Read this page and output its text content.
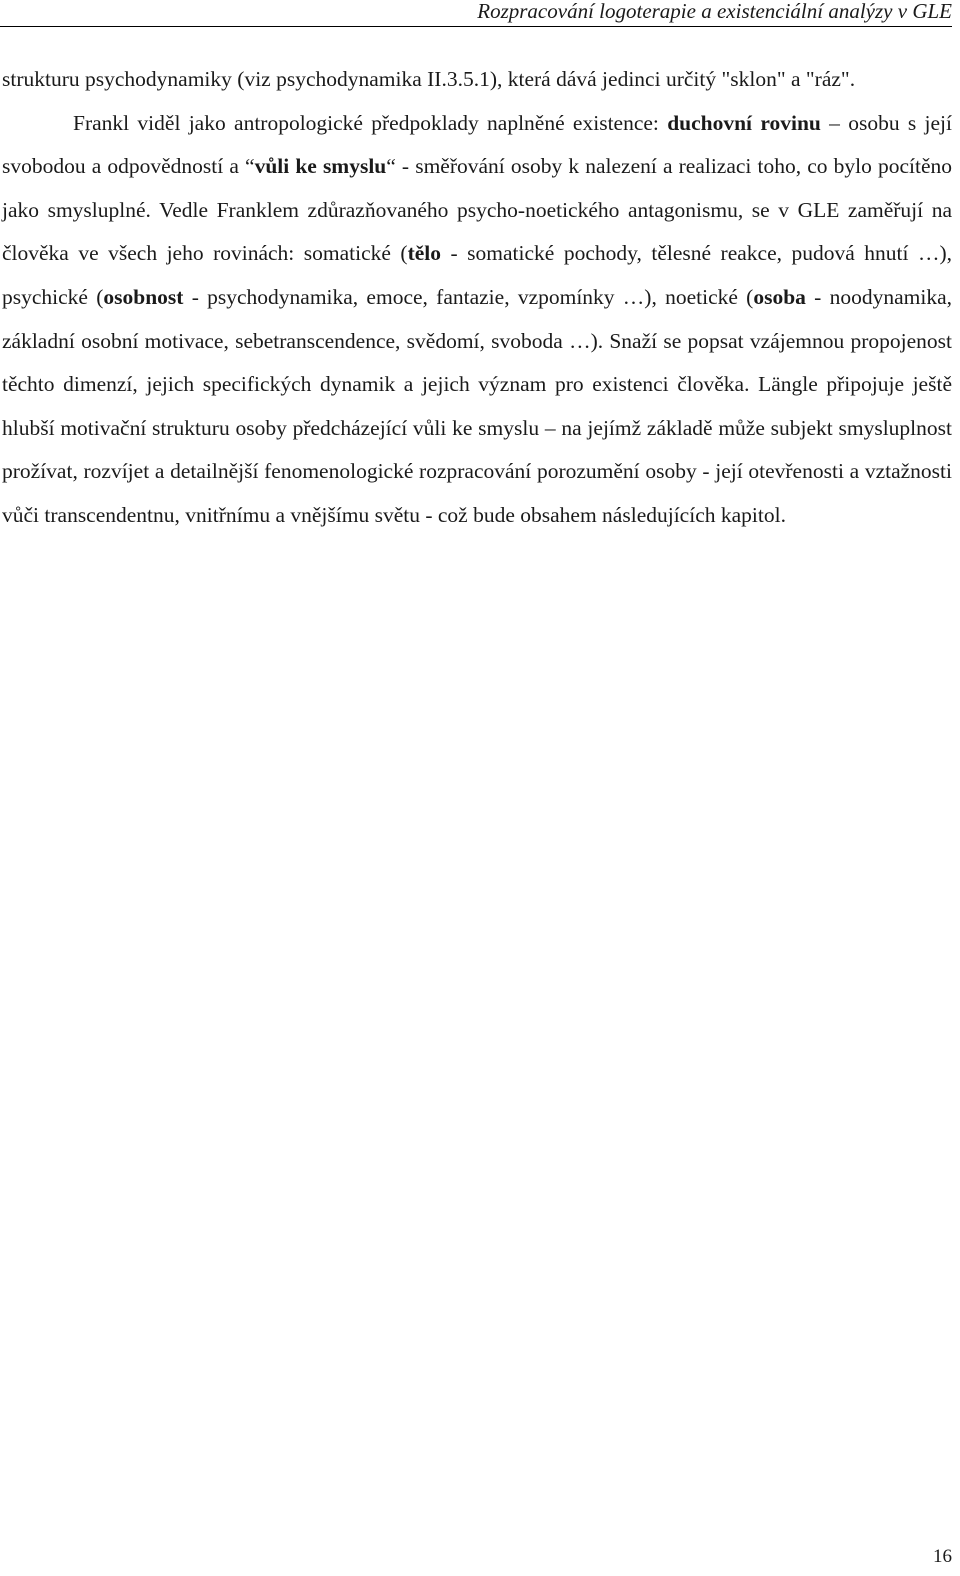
Rozpracování logoterapie a existenciální analýzy v GLE

strukturu psychodynamiky (viz psychodynamika II.3.5.1), která dává jedinci určitý "sklon" a "ráz".

Frankl viděl jako antropologické předpoklady naplněné existence: duchovní rovinu – osobu s její svobodou a odpovědností a “vůli ke smyslu“ - směřování osoby k nalezení a realizaci toho, co bylo pocítěno jako smysluplné. Vedle Franklem zdůrazňovaného psycho-noetického antagonismu, se v GLE zaměřují na člověka ve všech jeho rovinách: somatické (tělo - somatické pochody, tělesné reakce, pudová hnutí …), psychické (osobnost - psychodynamika, emoce, fantazie, vzpomínky …), noetické (osoba - noodynamika, základní osobní motivace, sebetranscendence, svědomí, svoboda …). Snaží se popsat vzájemnou propojenost těchto dimenzí, jejich specifických dynamik a jejich význam pro existenci člověka. Längle připojuje ještě hlubší motivační strukturu osoby předcházející vůli ke smyslu – na jejímž základě může subjekt smysluplnost prožívat, rozvíjet a detailnější fenomenologické rozpracování porozumění osoby - její otevřenosti a vztažnosti vůči transcendentnu, vnitřnímu a vnějšímu světu - což bude obsahem následujících kapitol.

16
